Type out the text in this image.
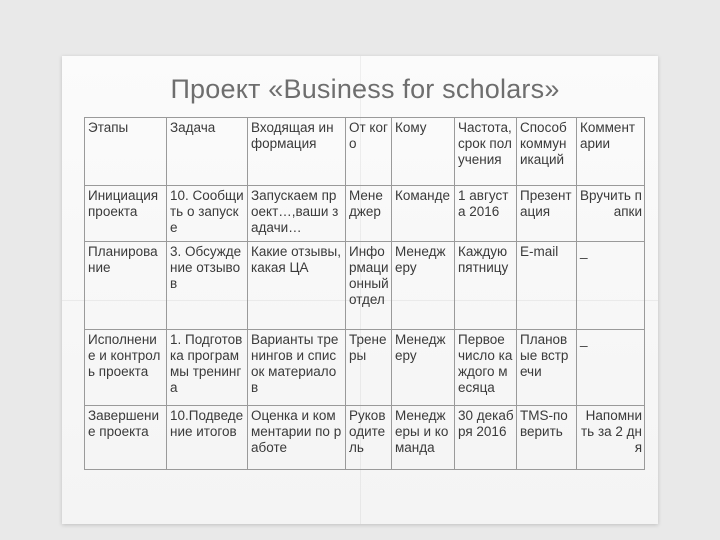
Проект «Business for scholars»
Этапы	Задача	Входящая информация	От кого	Кому	Частота, срок получения	Способ коммуникаций	Комментарии
Инициация проекта	10. Сообщить о запуске	Запускаем проект…,ваши задачи…	Менеджер	Команде	1 августа 2016	Презентация	Вручить папки
Планирование	3. Обсуждение отзывов	Какие отзывы, какая ЦА	Информационный отдел	Менеджеру	Каждую пятницу	E-mail	_
Исполнение и контроль проекта	1. Подготовка программы тренинга	Варианты тренингов и список материалов	Тренеры	Менеджеру	Первое число каждого месяца	Плановые встречи	_
Завершение проекта	10.Подведение итогов	Оценка и комментарии по работе	Руководитель	Менеджеры и команда	30 декабря 2016	TMS-поверить	Напомнить за 2 дня
